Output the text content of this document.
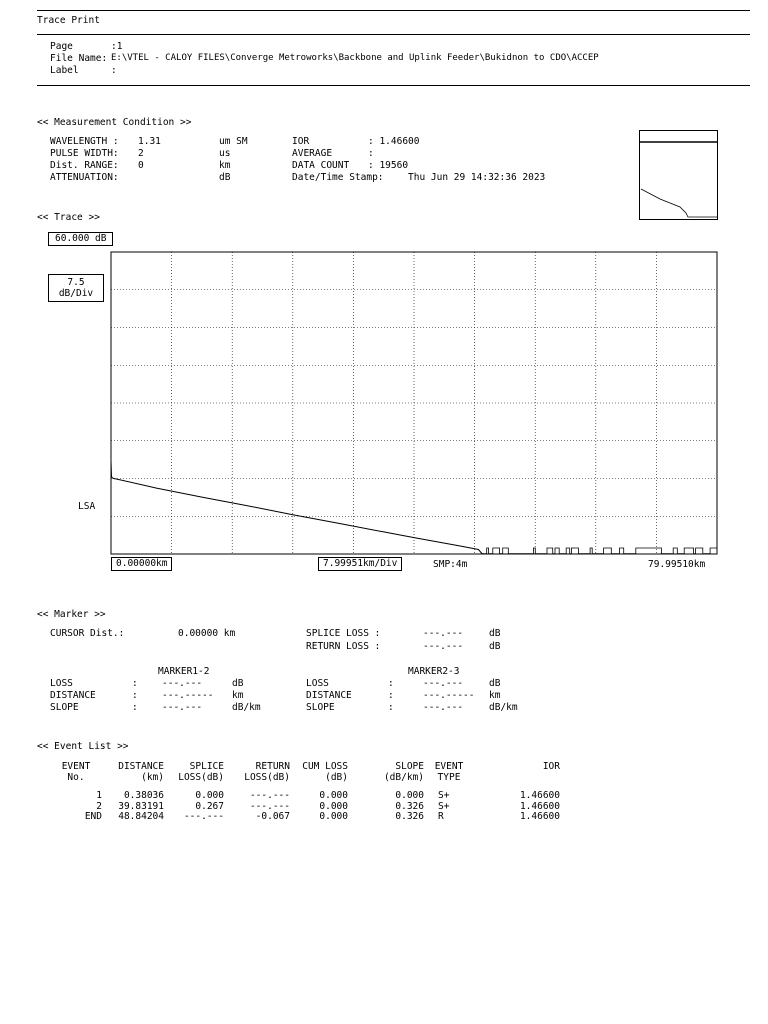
Trace Print
Page	:1
File Name: E:\VTEL - CALOY FILES\Converge Metroworks\Backbone and Uplink Feeder\Bukidnon to CDO\ACCEP
Label	:
<< Measurement Condition >>
WAVELENGTH : 1.31	um SM
PULSE WIDTH: 2	us
Dist. RANGE: 0	km
ATTENUATION:	dB
IOR	: 1.46600
AVERAGE	:
DATA COUNT : 19560
Date/Time Stamp:	Thu Jun 29 14:32:36 2023
<< Trace >>
60.000 dB
7.5
dB/Div
LSA
0.00000km	7.99951km/Div	SMP:4m	79.99510km
<< Marker >>
CURSOR Dist.:	0.00000 km	SPLICE LOSS :	---.---	dB
RETURN LOSS :	---.---	dB
MARKER1-2	MARKER2-3
LOSS	:	---.---	dB
DISTANCE	:	---.----- km
SLOPE	:	---.---	dB/km
LOSS	:	---.---	dB
DISTANCE	:	---.----- km
SLOPE	:	---.---	dB/km
<< Event List >>
EVENT	DISTANCE	SPLICE	RETURN	CUM LOSS	SLOPE	EVENT	IOR
No.	(km)	LOSS(dB)	LOSS(dB)	(dB)	(dB/km)	TYPE	
1	0.38036	0.000	---.---	0.000	0.000	S+	1.46600
2	39.83191	0.267	---.---	0.000	0.326	S+	1.46600
END	48.84204	---.---	-0.067	0.000	0.326	R	1.46600
